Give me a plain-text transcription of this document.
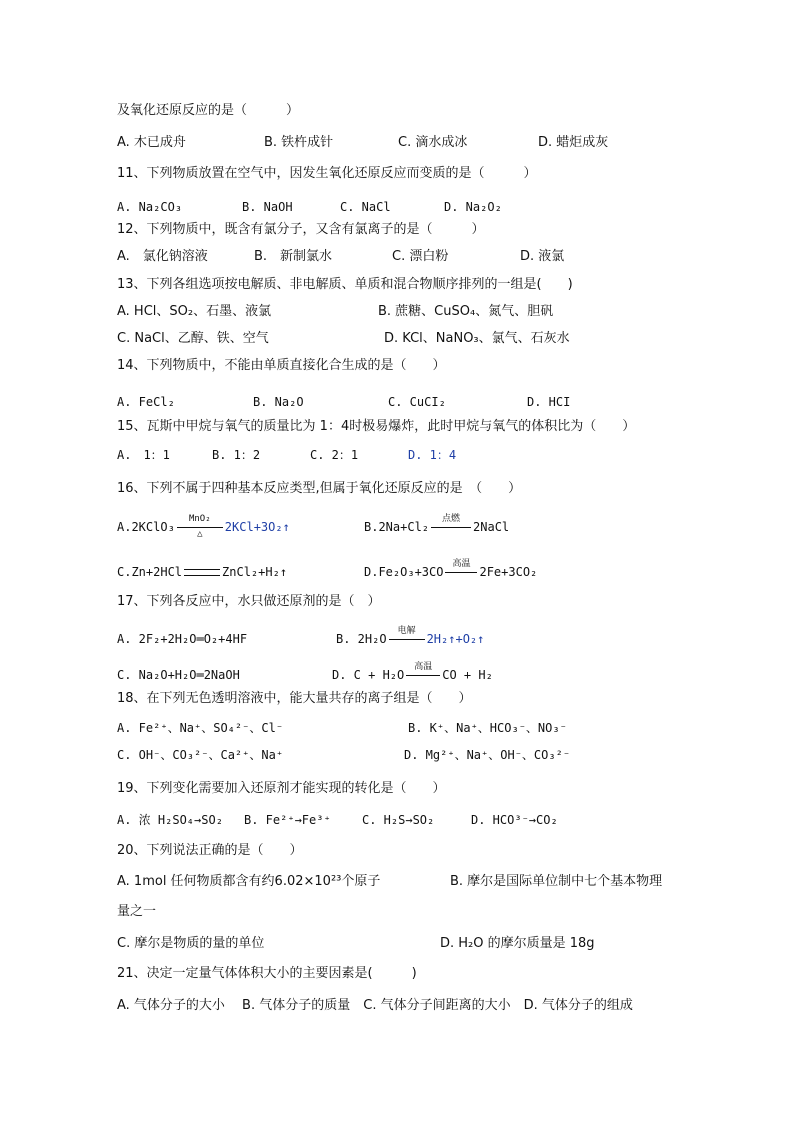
及氧化还原反应的是（　　　）
A. 木已成舟	B. 铁杵成针	C. 滴水成冰	D. 蜡炬成灰
11、下列物质放置在空气中，因发生氧化还原反应而变质的是（　　　）
A. Na₂CO₃	B. NaOH	C. NaCl	D. Na₂O₂
12、下列物质中，既含有氯分子，又含有氯离子的是（　　　）
A.　氯化钠溶液	B.　新制氯水	C. 漂白粉	D. 液氯
13、下列各组选项按电解质、非电解质、单质和混合物顺序排列的一组是(　　)
A. HCl、SO₂、石墨、液氯	B. 蔗糖、CuSO₄、氮气、胆矾
C. NaCl、乙醇、铁、空气	D. KCl、NaNO₃、氯气、石灰水
14、下列物质中，不能由单质直接化合生成的是（　　）
A. FeCl₂	B. Na₂O	C. CuCI₂	D. HCI
15、瓦斯中甲烷与氧气的质量比为 1：4时极易爆炸，此时甲烷与氧气的体积比为（　　）
A.　1：1	B. 1：2	C. 2：1	D. 1：4
16、下列不属于四种基本反应类型,但属于氧化还原反应的是　（　　）
A.2KClO₃
MnO₂
△	2KCl+3O₂↑	B.2Na+Cl₂
点燃
2NaCl
C.Zn+2HCl	ZnCl₂+H₂↑	D.Fe₂O₃+3CO
高温
2Fe+3CO₂
17、下列各反应中，水只做还原剂的是（　）
A. 2F₂+2H₂O═O₂+4HF	B. 2H₂O
电解
2H₂↑+O₂↑
C. Na₂O+H₂O═2NaOH	D. C + H₂O
高温
CO + H₂
18、在下列无色透明溶液中，能大量共存的离子组是（　　）
A. Fe²⁺、Na⁺、SO₄²⁻、Cl⁻	B. K⁺、Na⁺、HCO₃⁻、NO₃⁻
C. OH⁻、CO₃²⁻、Ca²⁺、Na⁺	D. Mg²⁺、Na⁺、OH⁻、CO₃²⁻
19、下列变化需要加入还原剂才能实现的转化是（　　）
A. 浓 H₂SO₄→SO₂ B. Fe²⁺→Fe³⁺	C. H₂S→SO₂	D. HCO³⁻→CO₂
20、下列说法正确的是（　　）
A. 1mol 任何物质都含有约6.02×10²³个原子	B. 摩尔是国际单位制中七个基本物理
量之一
C. 摩尔是物质的量的单位	D. H₂O 的摩尔质量是 18g
21、决定一定量气体体积大小的主要因素是(　　　)
A. 气体分子的大小　 B. 气体分子的质量　C. 气体分子间距离的大小　D. 气体分子的组成
